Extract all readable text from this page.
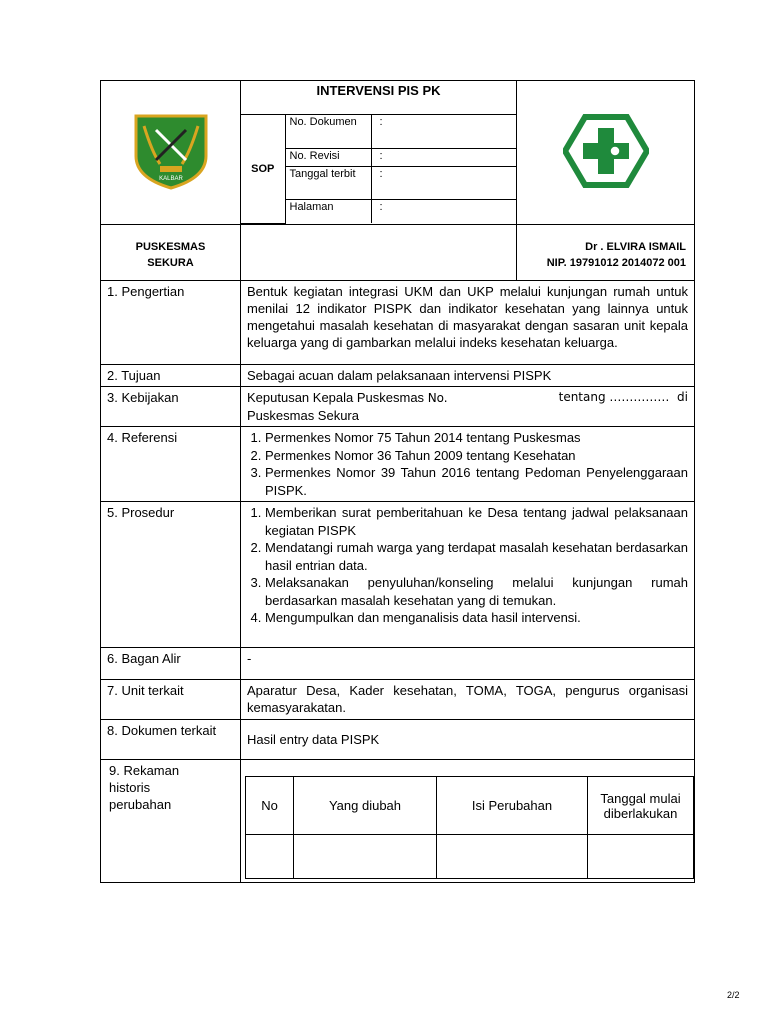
2/2
KALBAR

INTERVENSI PIS PK
SOP	No. Dokumen	:
No. Revisi	:
Tanggal terbit	:
Halaman	:

PUSKESMAS
SEKURA

Dr . ELVIRA ISMAIL
NIP. 19791012 2014072 001

1. Pengertian	Bentuk kegiatan integrasi UKM dan UKP melalui kunjungan rumah untuk menilai 12 indikator PISPK dan indikator kesehatan yang lainnya untuk mengetahui masalah kesehatan di masyarakat dengan sasaran unit kepala keluarga yang di gambarkan melalui indeks kesehatan keluarga.
2. Tujuan	Sebagai acuan dalam pelaksanaan intervensi PISPK
3. Kebijakan	Keputusan Kepala Puskesmas No.	tentang …………… di
Puskesmas Sekura

4. Referensi	
1.Permenkes Nomor 75 Tahun 2014 tentang Puskesmas
2. Permenkes Nomor 36 Tahun 2009 tentang Kesehatan
3. Permenkes Nomor 39 Tahun 2016 tentang Pedoman Penyelenggaraan PISPK.

5. Prosedur	
1.Memberikan surat pemberitahuan ke Desa tentang jadwal pelaksanaan kegiatan PISPK
2. Mendatangi rumah warga yang terdapat masalah kesehatan berdasarkan hasil entrian data.
3. Melaksanakan penyuluhan/konseling melalui kunjungan rumah berdasarkan masalah kesehatan yang di temukan.
4. Mengumpulkan dan menganalisis data hasil intervensi.

6. Bagan Alir	-
7. Unit terkait	Aparatur Desa, Kader kesehatan, TOMA, TOGA, pengurus organisasi kemasyarakatan.
8. Dokumen terkait	Hasil entry data PISPK

9. Rekaman historis perubahan
		No	Yang diubah	Isi Perubahan	Tanggal mulai diberlakukan
